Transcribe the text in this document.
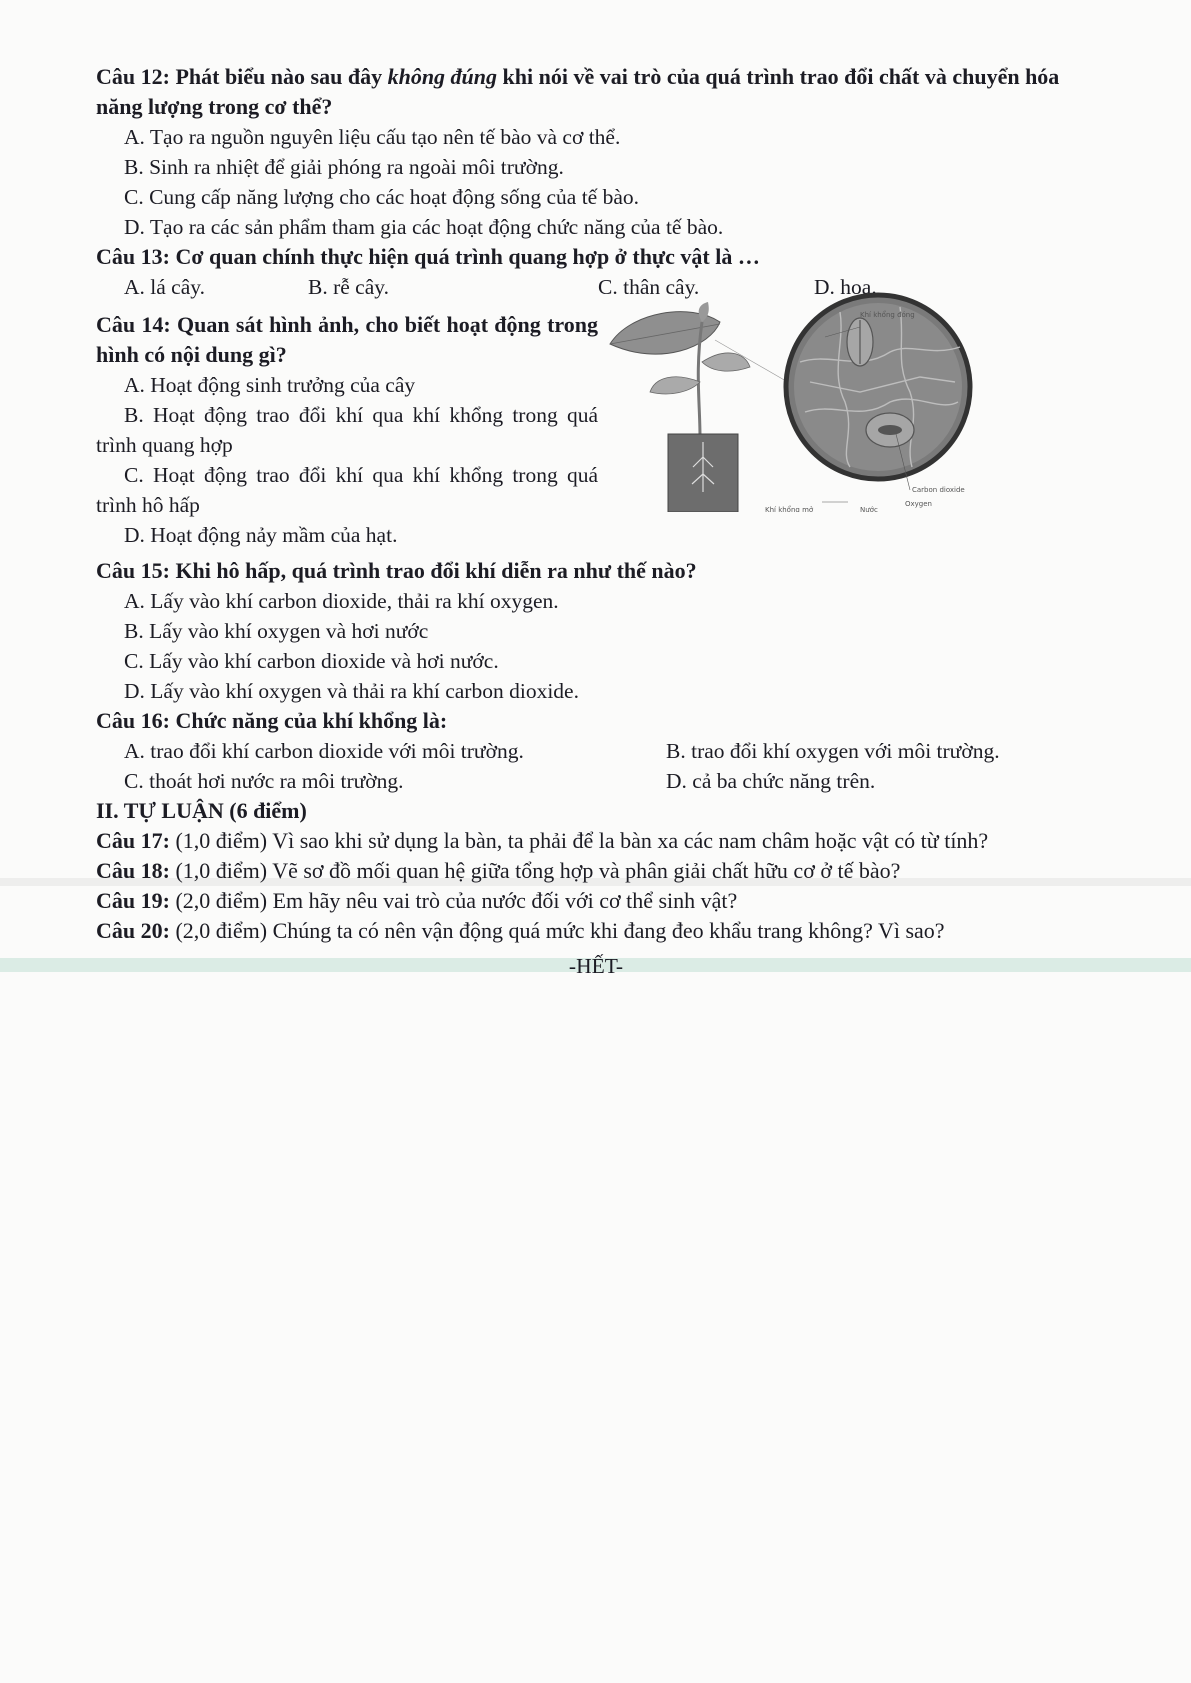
Câu 12: Phát biểu nào sau đây không đúng khi nói về vai trò của quá trình trao đổi chất và chuyển hóa năng lượng trong cơ thể?
A. Tạo ra nguồn nguyên liệu cấu tạo nên tế bào và cơ thể.
B. Sinh ra nhiệt để giải phóng ra ngoài môi trường.
C. Cung cấp năng lượng cho các hoạt động sống của tế bào.
D. Tạo ra các sản phẩm tham gia các hoạt động chức năng của tế bào.
Câu 13: Cơ quan chính thực hiện quá trình quang hợp ở thực vật là …
A. lá cây.	B. rễ cây.	C. thân cây.	D. hoa.
Câu 14: Quan sát hình ảnh, cho biết hoạt động trong hình có nội dung gì?
A. Hoạt động sinh trưởng của cây
B. Hoạt động trao đổi khí qua khí khổng trong quá trình quang hợp
C. Hoạt động trao đổi khí qua khí khổng trong quá trình hô hấp
D. Hoạt động nảy mầm của hạt.
Câu 15: Khi hô hấp, quá trình trao đổi khí diễn ra như thế nào?
A. Lấy vào khí carbon dioxide, thải ra khí oxygen.
B. Lấy vào khí oxygen và hơi nước
C. Lấy vào khí carbon dioxide và hơi nước.
D. Lấy vào khí oxygen và thải ra khí carbon dioxide.
Câu 16: Chức năng của khí khổng là:
A. trao đổi khí carbon dioxide với môi trường.	B. trao đổi khí oxygen với môi trường.
C. thoát hơi nước ra môi trường.	D. cả ba chức năng trên.
II. TỰ LUẬN (6 điểm)
Câu 17: (1,0 điểm) Vì sao khi sử dụng la bàn, ta phải để la bàn xa các nam châm hoặc vật có từ tính?
Câu 18: (1,0 điểm) Vẽ sơ đồ mối quan hệ giữa tổng hợp và phân giải chất hữu cơ ở tế bào?
Câu 19: (2,0 điểm) Em hãy nêu vai trò của nước đối với cơ thể sinh vật?
Câu 20: (2,0 điểm) Chúng ta có nên vận động quá mức khi đang đeo khẩu trang không? Vì sao?
-HẾT-
Khí khổng đóng
Carbon dioxide
Oxygen
Khí khổng mở	Nước
